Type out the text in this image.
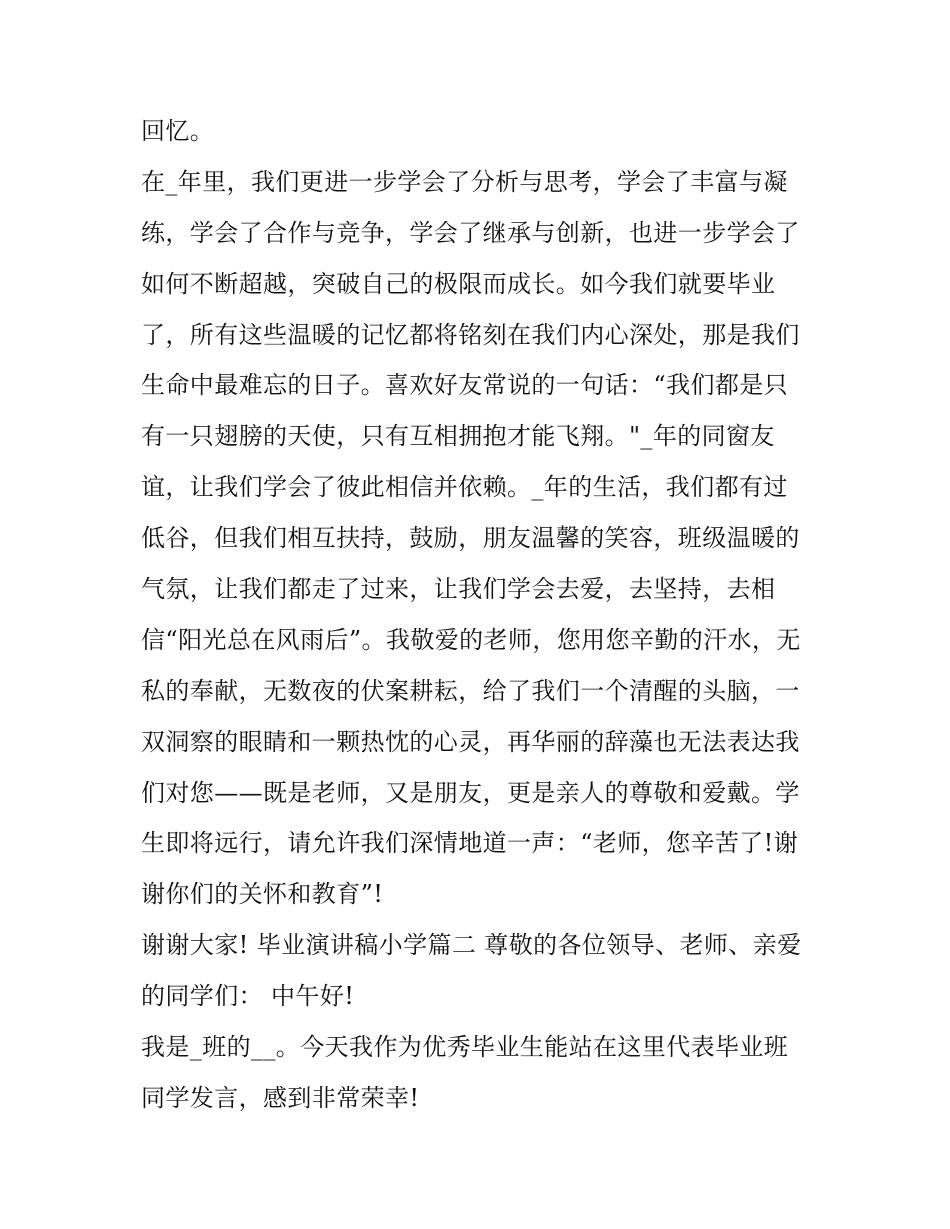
回忆。
在_年里，我们更进一步学会了分析与思考，学会了丰富与凝
练，学会了合作与竞争，学会了继承与创新，也进一步学会了
如何不断超越，突破自己的极限而成长。如今我们就要毕业
了，所有这些温暖的记忆都将铭刻在我们内心深处，那是我们
生命中最难忘的日子。喜欢好友常说的一句话：“我们都是只
有一只翅膀的天使，只有互相拥抱才能飞翔。"_年的同窗友
谊，让我们学会了彼此相信并依赖。_年的生活，我们都有过
低谷，但我们相互扶持，鼓励，朋友温馨的笑容，班级温暖的
气氛，让我们都走了过来，让我们学会去爱，去坚持，去相
信“阳光总在风雨后”。我敬爱的老师，您用您辛勤的汗水，无
私的奉献，无数夜的伏案耕耘，给了我们一个清醒的头脑，一
双洞察的眼睛和一颗热忱的心灵，再华丽的辞藻也无法表达我
们对您——既是老师，又是朋友，更是亲人的尊敬和爱戴。学
生即将远行，请允许我们深情地道一声：“老师，您辛苦了!谢
谢你们的关怀和教育”!
谢谢大家! 毕业演讲稿小学篇二 尊敬的各位领导、老师、亲爱
的同学们： 中午好!
我是_班的__。今天我作为优秀毕业生能站在这里代表毕业班
同学发言，感到非常荣幸!
